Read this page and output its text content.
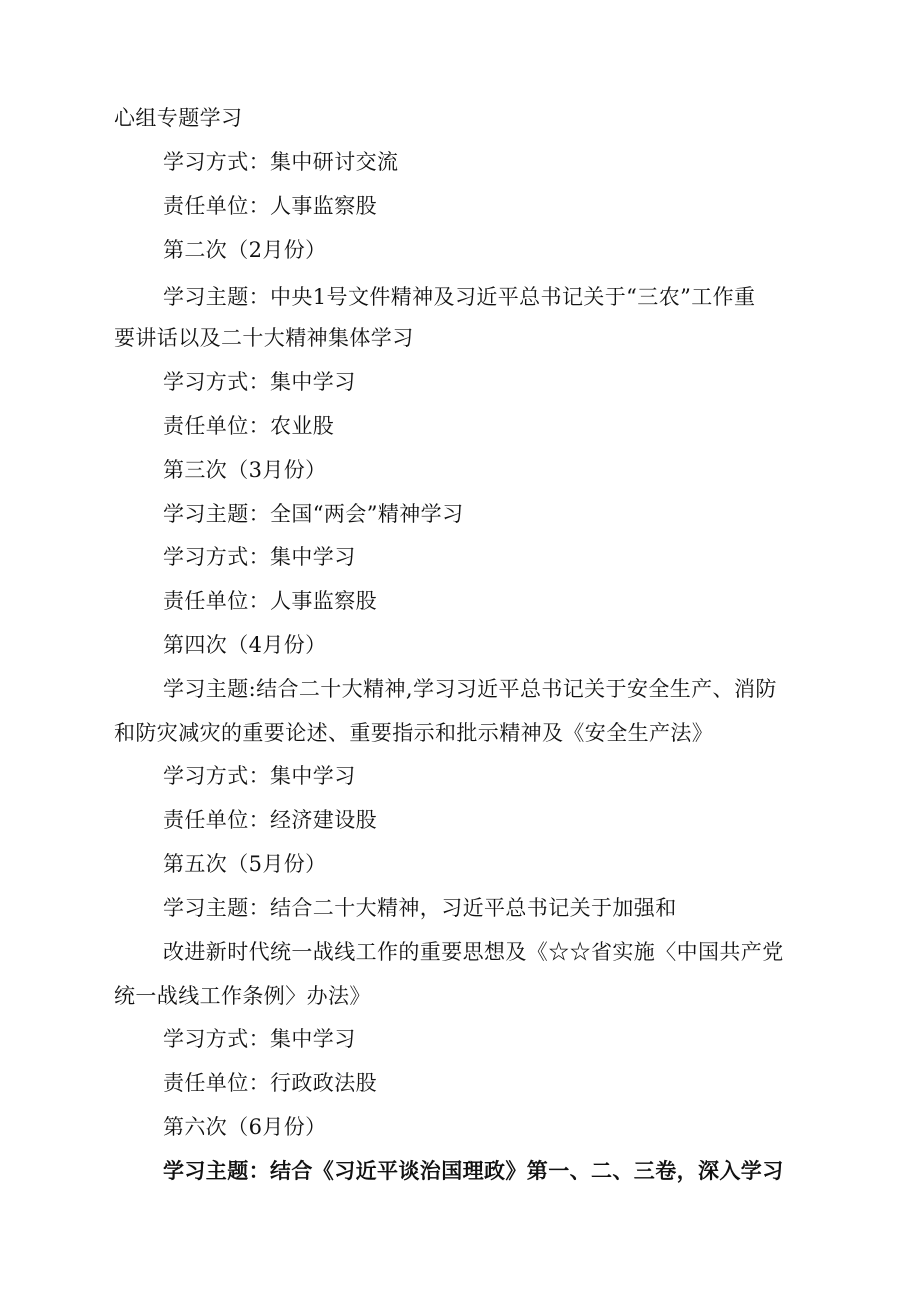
心组专题学习
学习方式：集中研讨交流
责任单位：人事监察股
第二次（2月份）
学习主题：中央1号文件精神及习近平总书记关于“三农”工作重
要讲话以及二十大精神集体学习
学习方式：集中学习
责任单位：农业股
第三次（3月份）
学习主题：全国“两会”精神学习
学习方式：集中学习
责任单位：人事监察股
第四次（4月份）
学习主题:结合二十大精神,学习习近平总书记关于安全生产、消防
和防灾减灾的重要论述、重要指示和批示精神及《安全生产法》
学习方式：集中学习
责任单位：经济建设股
第五次（5月份）
学习主题：结合二十大精神，习近平总书记关于加强和
改进新时代统一战线工作的重要思想及《☆☆省实施〈中国共产党
统一战线工作条例〉办法》
学习方式：集中学习
责任单位：行政政法股
第六次（6月份）
学习主题：结合《习近平谈治国理政》第一、二、三卷，深入学习
